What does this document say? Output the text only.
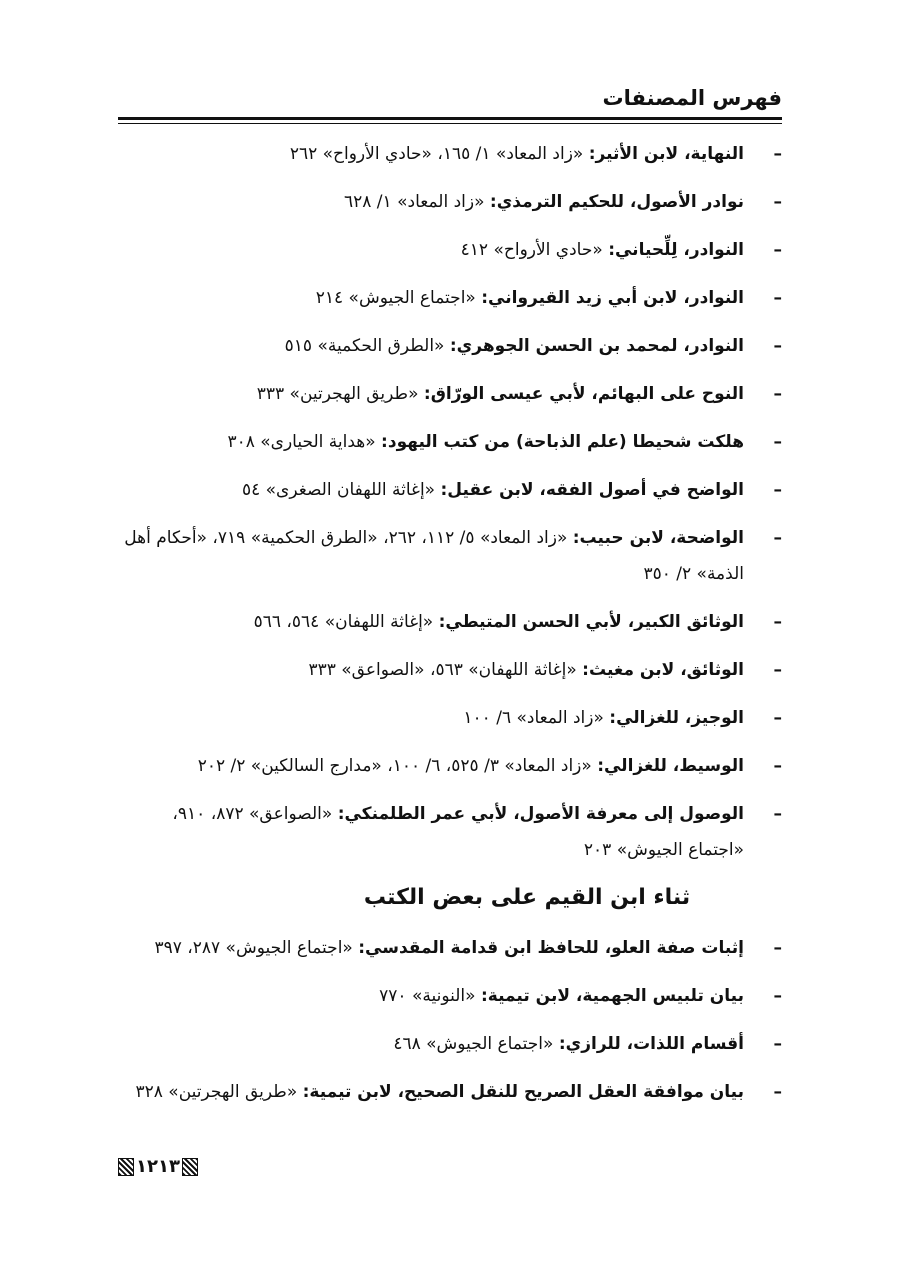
فهرس المصنفات
–
النهاية، لابن الأثير: «زاد المعاد» ١/ ١٦٥، «حادي الأرواح» ٢٦٢
–
نوادر الأصول، للحكيم الترمذي: «زاد المعاد» ١/ ٦٢٨
–
النوادر، لِلِّحياني: «حادي الأرواح» ٤١٢
–
النوادر، لابن أبي زيد القيرواني: «اجتماع الجيوش» ٢١٤
–
النوادر، لمحمد بن الحسن الجوهري: «الطرق الحكمية» ٥١٥
–
النوح على البهائم، لأبي عيسى الورّاق: «طريق الهجرتين» ٣٣٣
–
هلكت شحيطا (علم الذباحة) من كتب اليهود: «هداية الحيارى» ٣٠٨
–
الواضح في أصول الفقه، لابن عقيل: «إغاثة اللهفان الصغرى» ٥٤
–
الواضحة، لابن حبيب: «زاد المعاد» ٥/ ١١٢، ٢٦٢، «الطرق الحكمية» ٧١٩، «أحكام أهل الذمة» ٢/ ٣٥٠
–
الوثائق الكبير، لأبي الحسن المتيطي: «إغاثة اللهفان» ٥٦٤، ٥٦٦
–
الوثائق، لابن مغيث: «إغاثة اللهفان» ٥٦٣، «الصواعق» ٣٣٣
–
الوجيز، للغزالي: «زاد المعاد» ٦/ ١٠٠
–
الوسيط، للغزالي: «زاد المعاد» ٣/ ٥٢٥، ٦/ ١٠٠، «مدارج السالكين» ٢/ ٢٠٢
–
الوصول إلى معرفة الأصول، لأبي عمر الطلمنكي: «الصواعق» ٨٧٢، ٩١٠، «اجتماع الجيوش» ٢٠٣
ثناء ابن القيم على بعض الكتب
–
إثبات صفة العلو، للحافظ ابن قدامة المقدسي: «اجتماع الجيوش» ٢٨٧، ٣٩٧
–
بيان تلبيس الجهمية، لابن تيمية: «النونية» ٧٧٠
–
أقسام اللذات، للرازي: «اجتماع الجيوش» ٤٦٨
–
بيان موافقة العقل الصريح للنقل الصحيح، لابن تيمية: «طريق الهجرتين» ٣٢٨
١٢١٣
